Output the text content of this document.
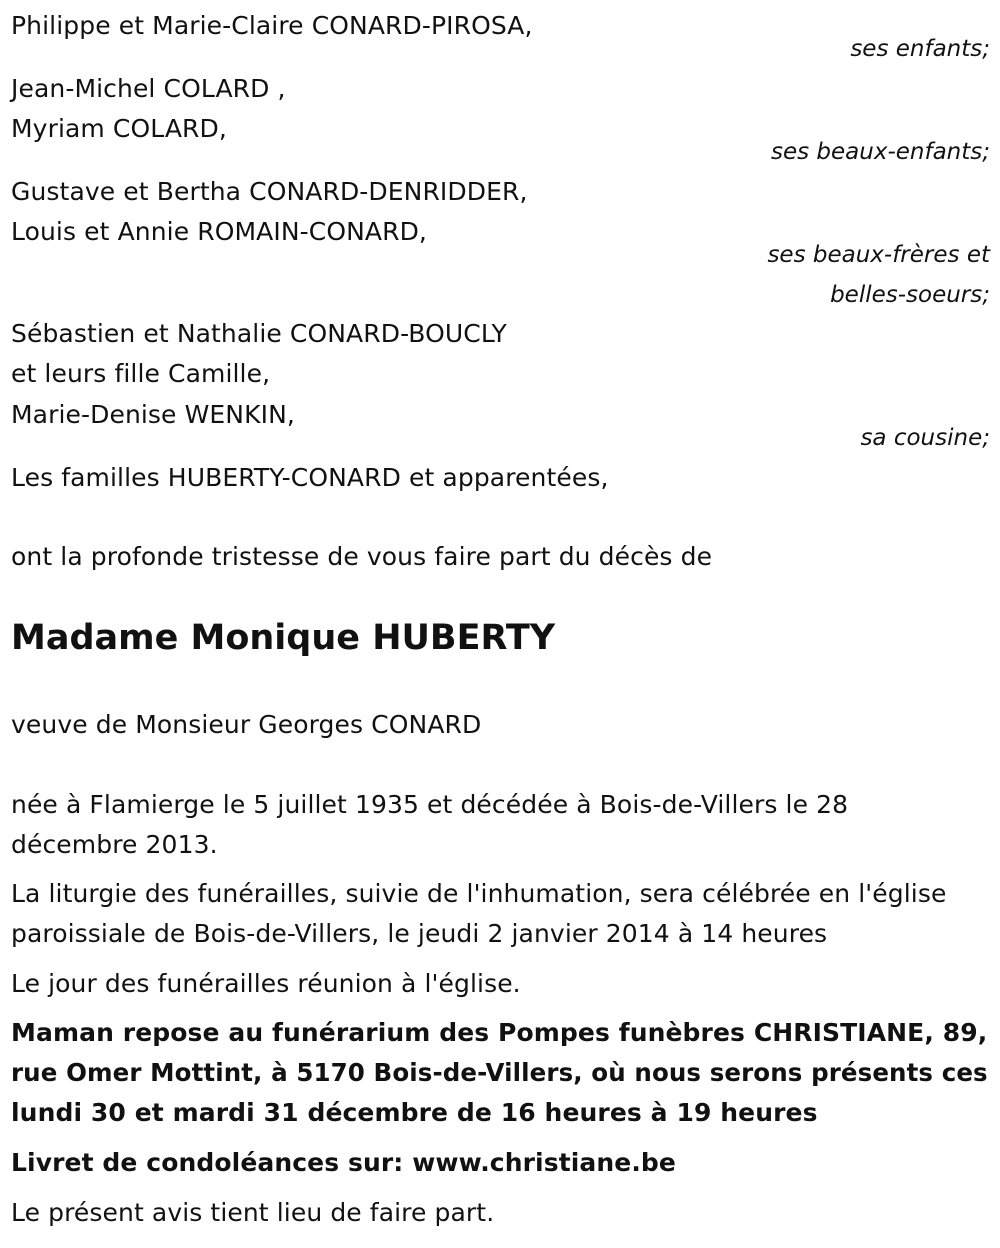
Philippe et Marie-Claire CONARD-PIROSA,
ses enfants;
Jean-Michel COLARD ,
Myriam COLARD,
ses beaux-enfants;
Gustave et Bertha CONARD-DENRIDDER,
Louis et Annie ROMAIN-CONARD,
ses beaux-frères et
belles-soeurs;
Sébastien et Nathalie CONARD-BOUCLY
et leurs fille Camille,
Marie-Denise WENKIN,
sa cousine;
Les familles HUBERTY-CONARD et apparentées,
ont la profonde tristesse de vous faire part du décès de
Madame Monique HUBERTY
veuve de Monsieur Georges CONARD
née à Flamierge le 5 juillet 1935 et décédée à Bois-de-Villers le 28
décembre 2013.
La liturgie des funérailles, suivie de l'inhumation, sera célébrée en l'église
paroissiale de Bois-de-Villers, le jeudi 2 janvier 2014 à 14 heures
Le jour des funérailles réunion à l'église.
Maman repose au funérarium des Pompes funèbres CHRISTIANE, 89,
rue Omer Mottint, à 5170 Bois-de-Villers, où nous serons présents ces
lundi 30 et mardi 31 décembre de 16 heures à 19 heures
Livret de condoléances sur: www.christiane.be
Le présent avis tient lieu de faire part.
